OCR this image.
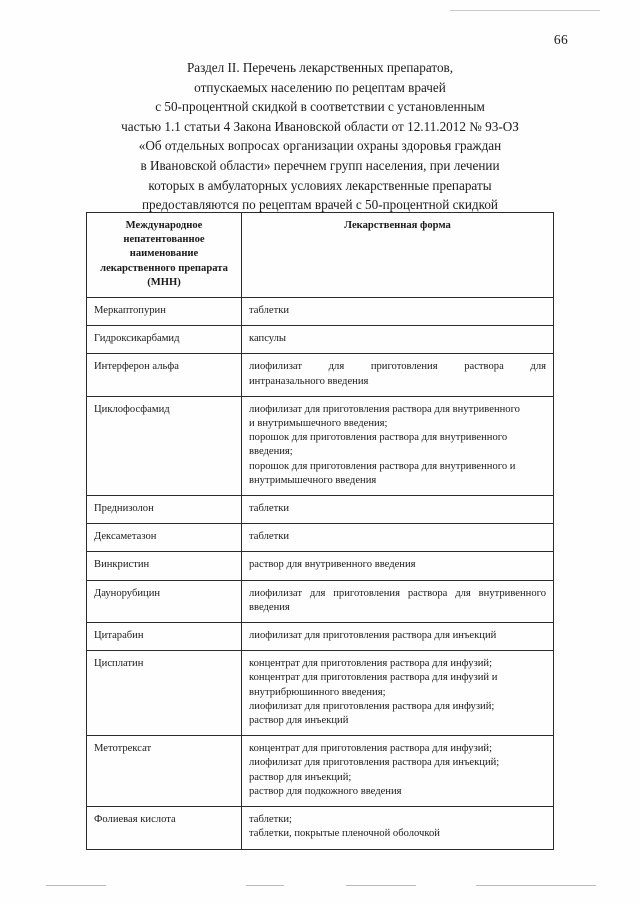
66
Раздел II. Перечень лекарственных препаратов,
отпускаемых населению по рецептам врачей
с 50-процентной скидкой в соответствии с установленным
частью 1.1 статьи 4 Закона Ивановской области от 12.11.2012 № 93-ОЗ
«Об отдельных вопросах организации охраны здоровья граждан
в Ивановской области» перечнем групп населения, при лечении
которых в амбулаторных условиях лекарственные препараты
предоставляются по рецептам врачей с 50-процентной скидкой
Международное непатентованное наименование лекарственного препарата (МНН)	Лекарственная форма
Меркаптопурин	таблетки

Гидроксикарбамид	капсулы

Интерферон альфа	лиофилизат для приготовления раствора для
интраназального введения

Циклофосфамид	лиофилизат для приготовления раствора для внутривенного
и внутримышечного введения;
порошок для приготовления раствора для внутривенного
введения;
порошок для приготовления раствора для внутривенного и
внутримышечного введения

Преднизолон	таблетки

Дексаметазон	таблетки

Винкристин	раствор для внутривенного введения

Даунорубицин	лиофилизат для приготовления раствора для внутривенного
введения

Цитарабин	лиофилизат для приготовления раствора для инъекций

Цисплатин	концентрат для приготовления раствора для инфузий;
концентрат для приготовления раствора для инфузий и
внутрибрюшинного введения;
лиофилизат для приготовления раствора для инфузий;
раствор для инъекций

Метотрексат	концентрат для приготовления раствора для инфузий;
лиофилизат для приготовления раствора для инъекций;
раствор для инъекций;
раствор для подкожного введения

Фолиевая кислота	таблетки;
таблетки, покрытые пленочной оболочкой
